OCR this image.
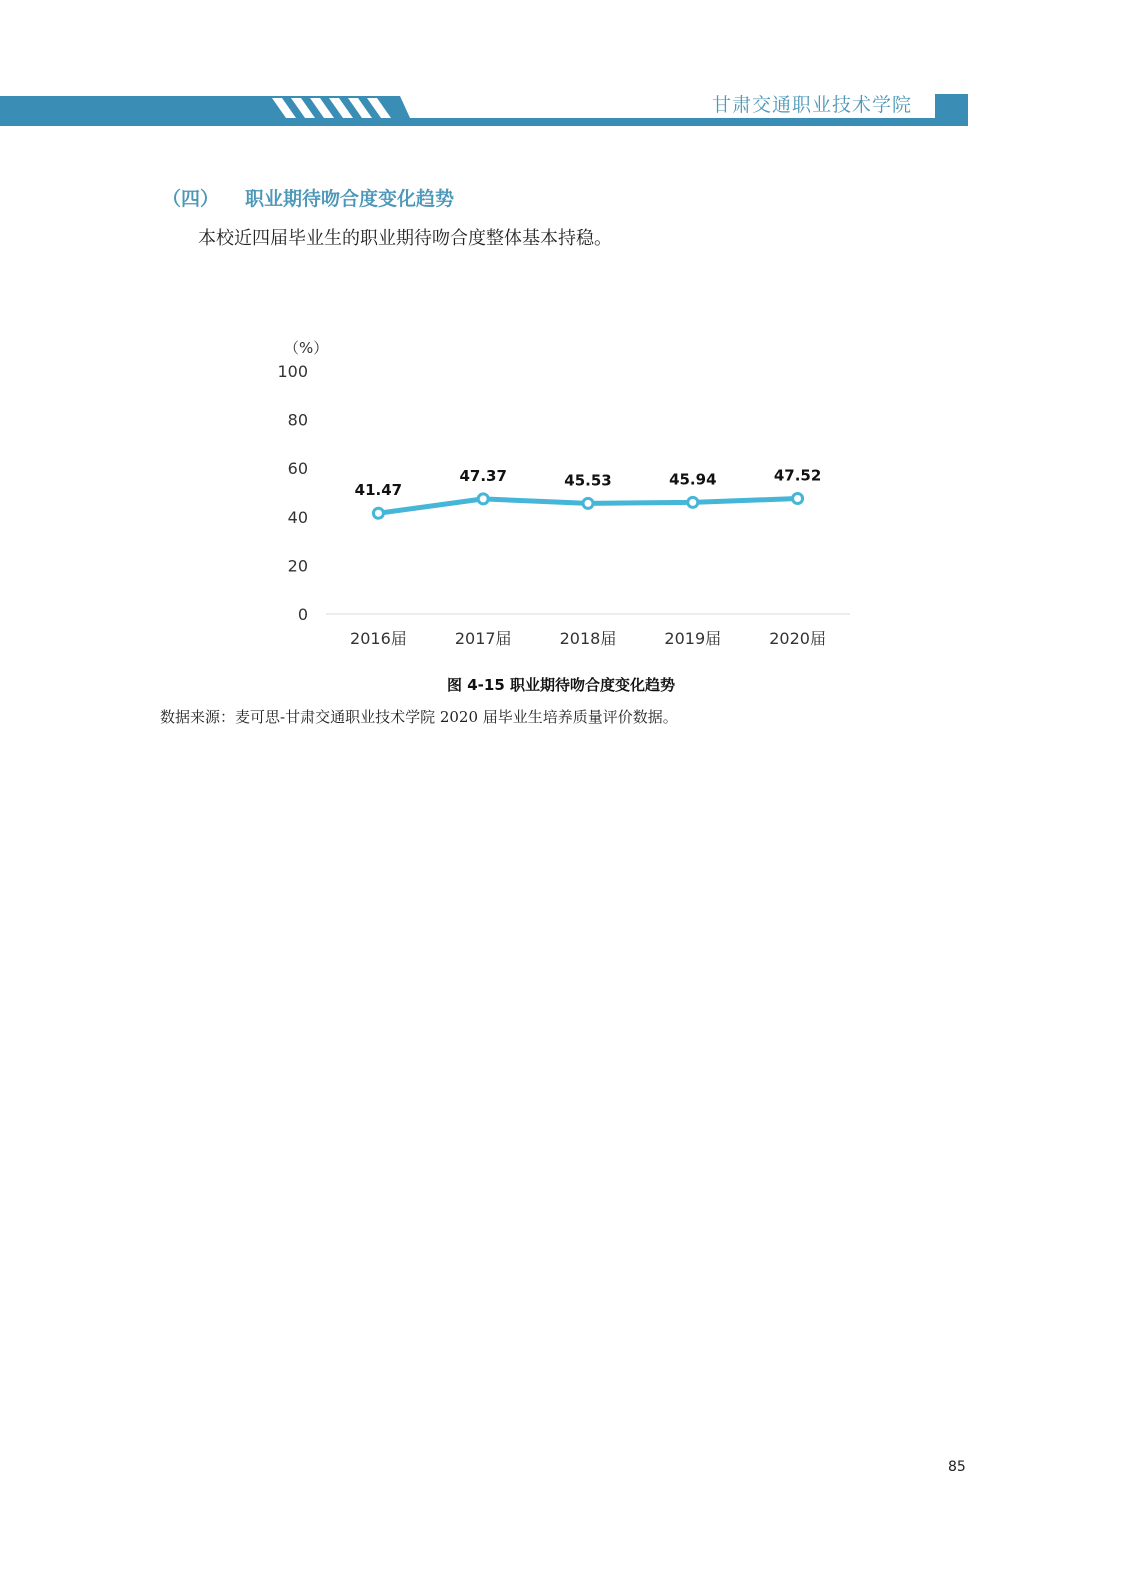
甘肃交通职业技术学院
（四） 职业期待吻合度变化趋势
本校近四届毕业生的职业期待吻合度整体基本持稳。
（%）
0
20
40
60
80
100
2016届	2017届	2018届	2019届	2020届
41.47
47.37	45.53	45.94	47.52
图 4-15 职业期待吻合度变化趋势
数据来源：麦可思-甘肃交通职业技术学院 2020 届毕业生培养质量评价数据。
85
